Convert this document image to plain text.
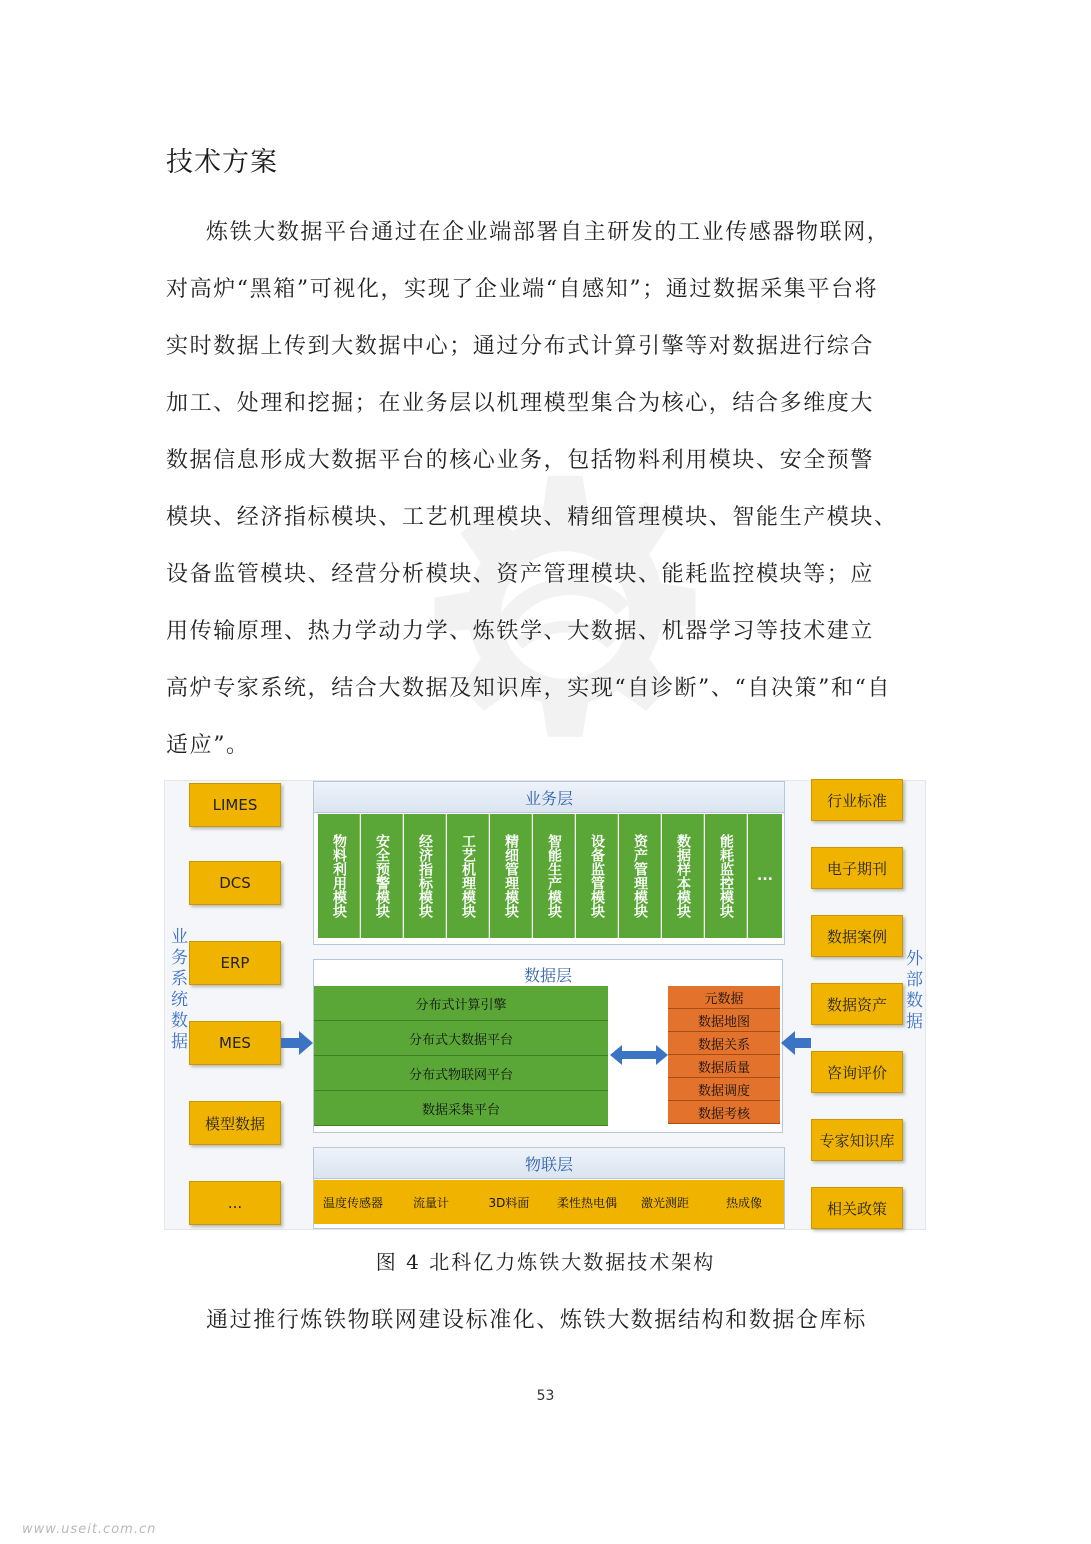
技术方案
炼铁大数据平台通过在企业端部署自主研发的工业传感器物联网，
对高炉“黑箱”可视化，实现了企业端“自感知”；通过数据采集平台将
实时数据上传到大数据中心；通过分布式计算引擎等对数据进行综合
加工、处理和挖掘；在业务层以机理模型集合为核心，结合多维度大
数据信息形成大数据平台的核心业务，包括物料利用模块、安全预警
模块、经济指标模块、工艺机理模块、精细管理模块、智能生产模块、
设备监管模块、经营分析模块、资产管理模块、能耗监控模块等；应
用传输原理、热力学动力学、炼铁学、大数据、机器学习等技术建立
高炉专家系统，结合大数据及知识库，实现“自诊断”、“自决策”和“自
适应”。
LIMES
DCS
ERP
MES
模型数据
...
业务系统数据
行业标准
电子期刊
数据案例
数据资产
咨询评价
专家知识库
相关政策
外部数据
业务层
物料利用模块 安全预警模块 经济指标模块 工艺机理模块 精细管理模块 智能生产模块 设备监管模块 资产管理模块 数据样本模块 能耗监控模块 ...
数据层
分布式计算引擎
分布式大数据平台
分布式物联网平台
数据采集平台
元数据
数据地图
数据关系
数据质量
数据调度
数据考核
物联层
温度传感器	流量计	3D料面	柔性热电偶	激光测距	热成像
图 4 北科亿力炼铁大数据技术架构
通过推行炼铁物联网建设标准化、炼铁大数据结构和数据仓库标
53
www.useit.com.cn
